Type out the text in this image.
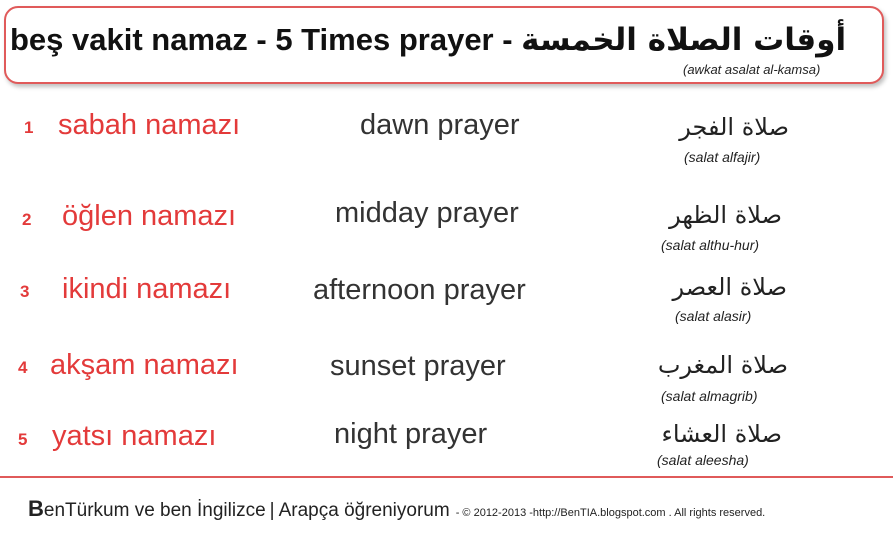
beş vakit namaz - 5 Times prayer - أوقات الصلاة الخمسة
(awkat asalat al-kamsa)
1 sabah namazı	dawn prayer	صلاة الفجر
(salat alfajir)
2 öğlen namazı	midday prayer	صلاة الظهر
(salat althu-hur)
3 ikindi namazı	afternoon prayer	صلاة العصر
(salat alasir)
4 akşam namazı	sunset prayer	صلاة المغرب
(salat almagrib)
5 yatsı namazı	night prayer	صلاة العشاء
(salat aleesha)
BenTürkum ve ben İngilizce | Arapça öğreniyorum - © 2012-2013 -http://BenTIA.blogspot.com . All rights reserved.
